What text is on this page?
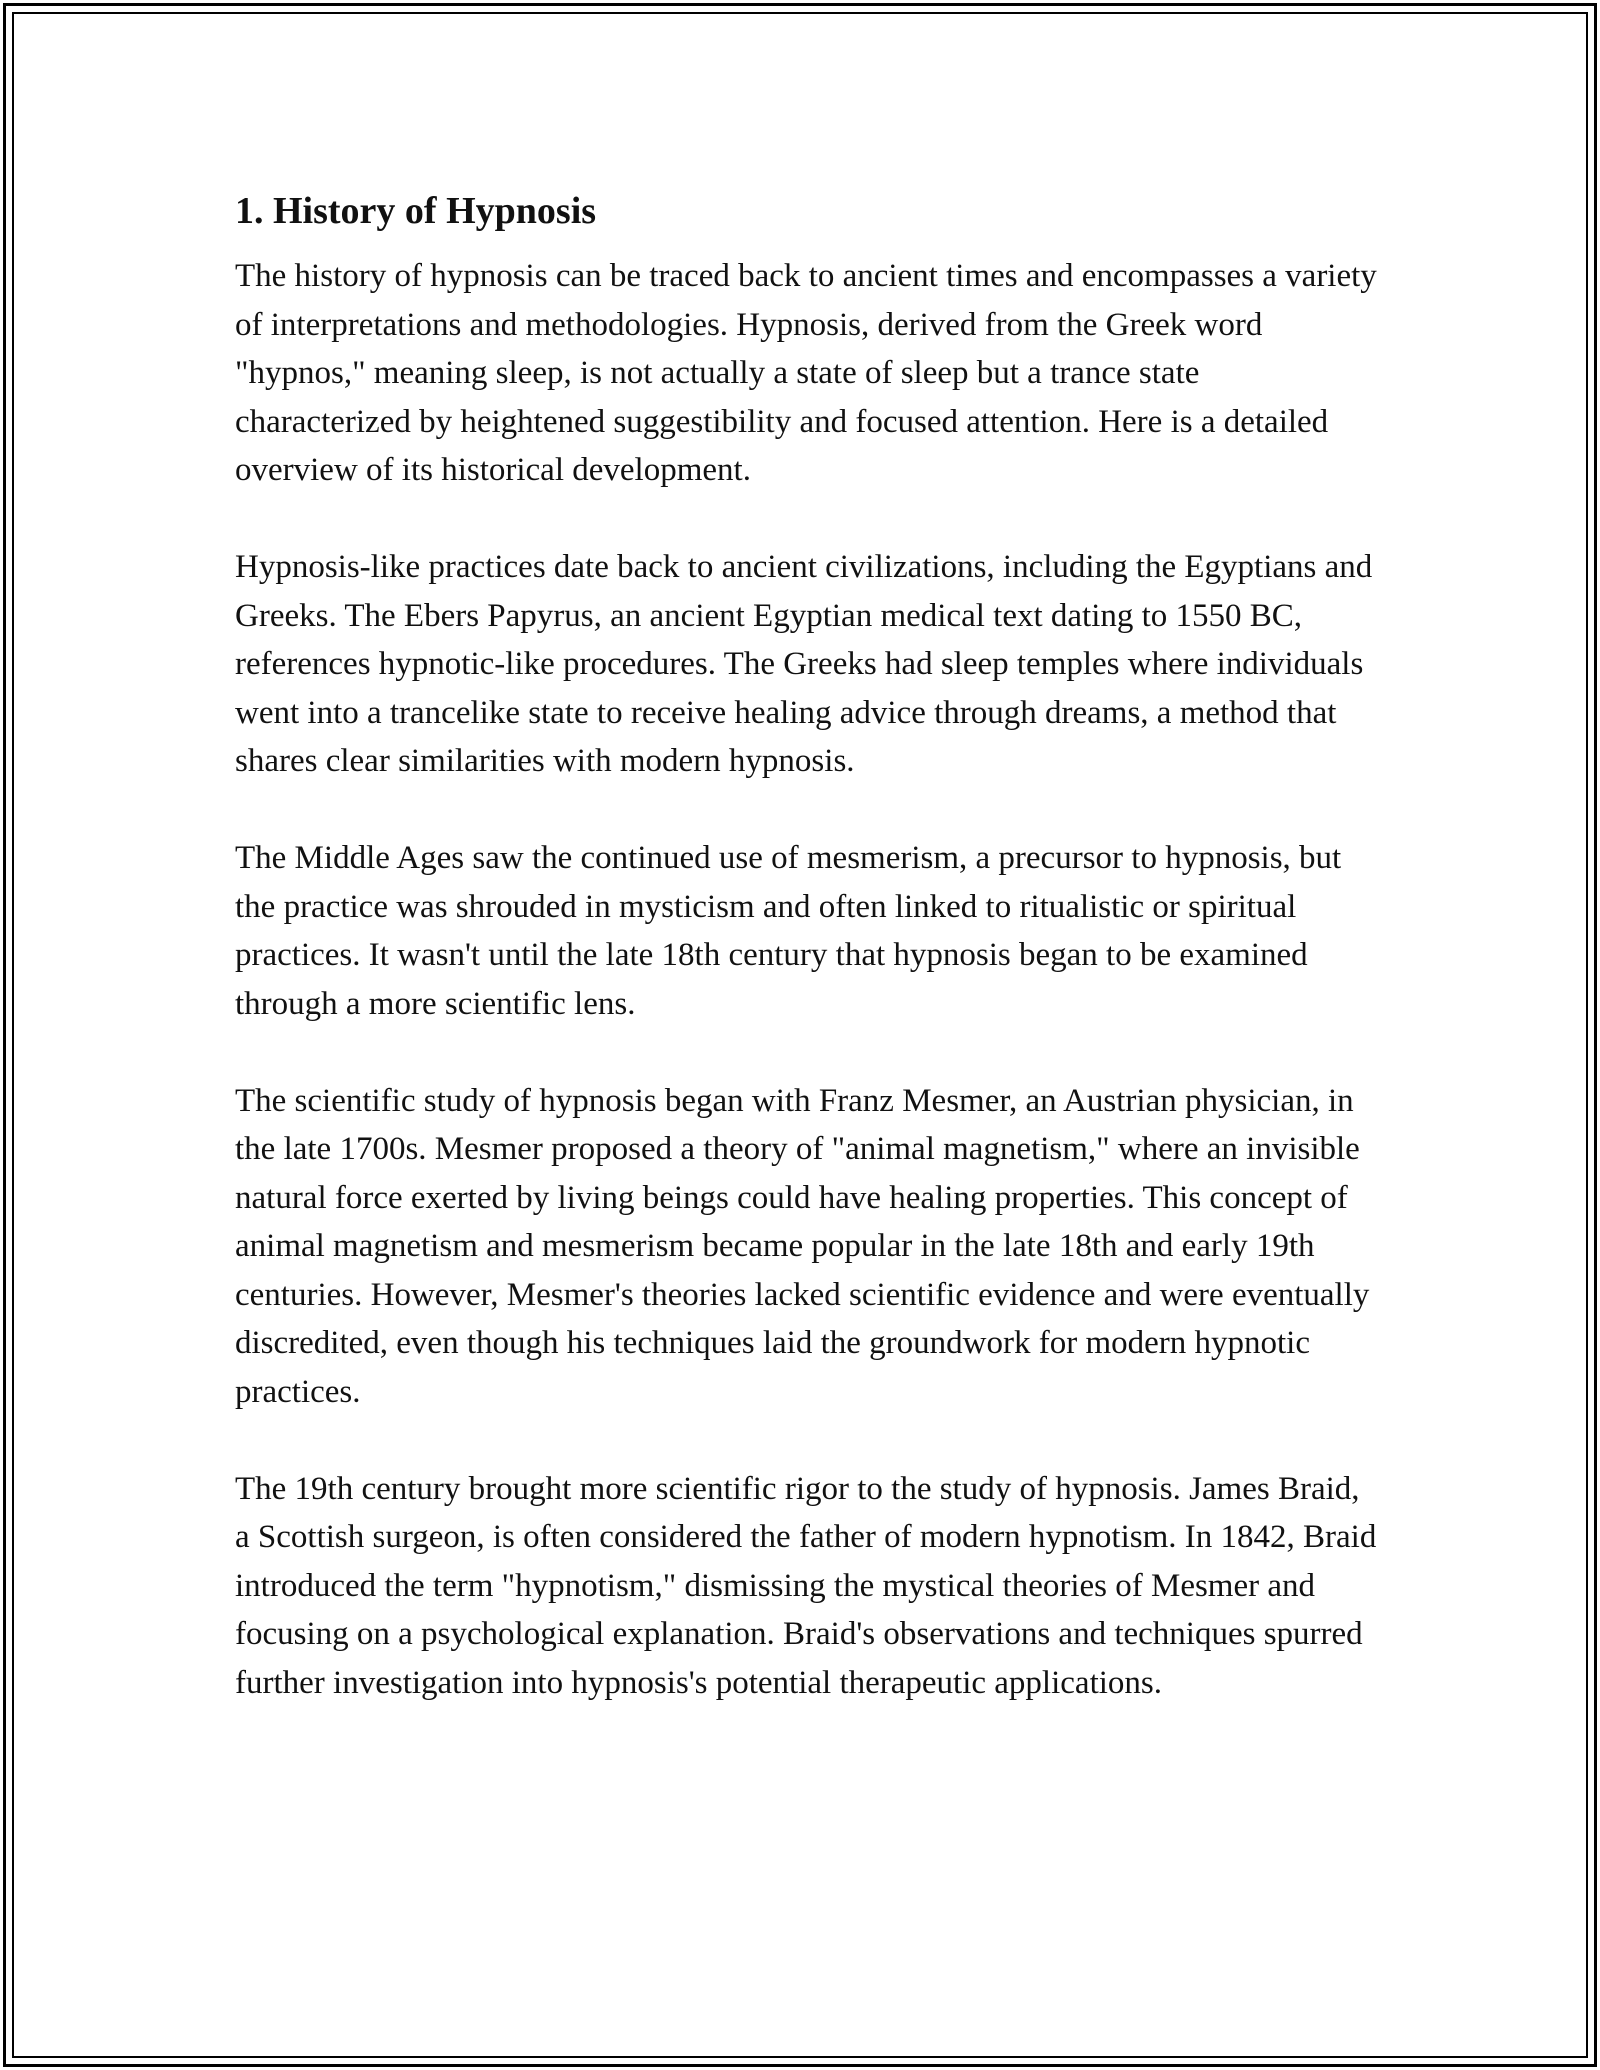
1. History of Hypnosis

The history of hypnosis can be traced back to ancient times and encompasses a variety of interpretations and methodologies. Hypnosis, derived from the Greek word "hypnos," meaning sleep, is not actually a state of sleep but a trance state characterized by heightened suggestibility and focused attention. Here is a detailed overview of its historical development.

Hypnosis-like practices date back to ancient civilizations, including the Egyptians and Greeks. The Ebers Papyrus, an ancient Egyptian medical text dating to 1550 BC, references hypnotic-like procedures. The Greeks had sleep temples where individuals went into a trancelike state to receive healing advice through dreams, a method that shares clear similarities with modern hypnosis.

The Middle Ages saw the continued use of mesmerism, a precursor to hypnosis, but the practice was shrouded in mysticism and often linked to ritualistic or spiritual practices. It wasn't until the late 18th century that hypnosis began to be examined through a more scientific lens.

The scientific study of hypnosis began with Franz Mesmer, an Austrian physician, in the late 1700s. Mesmer proposed a theory of "animal magnetism," where an invisible natural force exerted by living beings could have healing properties. This concept of animal magnetism and mesmerism became popular in the late 18th and early 19th centuries. However, Mesmer's theories lacked scientific evidence and were eventually discredited, even though his techniques laid the groundwork for modern hypnotic practices.

The 19th century brought more scientific rigor to the study of hypnosis. James Braid, a Scottish surgeon, is often considered the father of modern hypnotism. In 1842, Braid introduced the term "hypnotism," dismissing the mystical theories of Mesmer and focusing on a psychological explanation. Braid's observations and techniques spurred further investigation into hypnosis's potential therapeutic applications.
